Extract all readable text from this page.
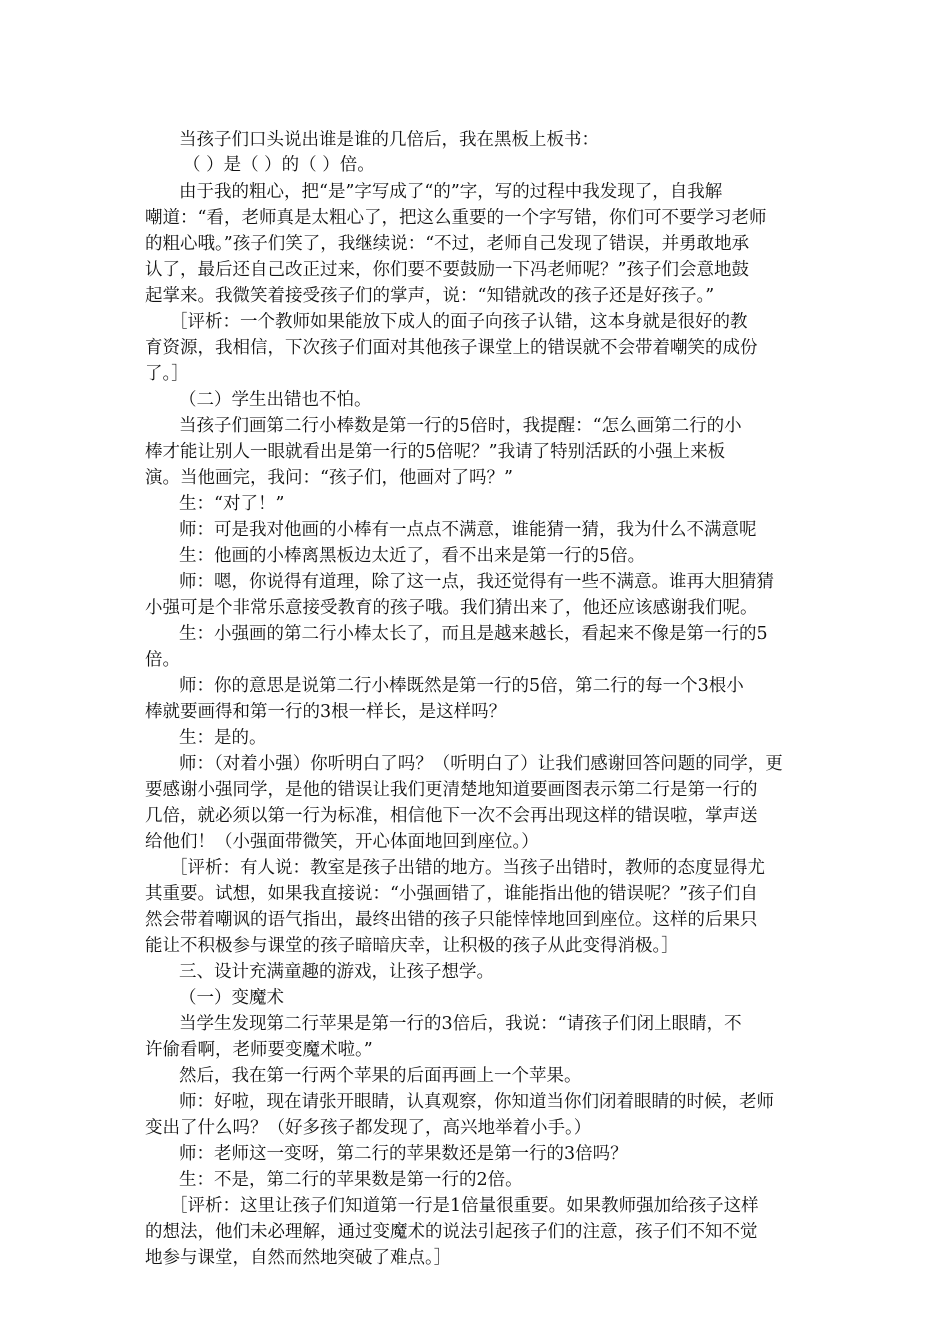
当孩子们口头说出谁是谁的几倍后，我在黑板上板书：
（ ）是（ ）的（ ）倍。
由于我的粗心，把“是”字写成了“的”字，写的过程中我发现了，自我解
嘲道：“看，老师真是太粗心了，把这么重要的一个字写错，你们可不要学习老师
的粗心哦。”孩子们笑了，我继续说：“不过，老师自己发现了错误，并勇敢地承
认了，最后还自己改正过来，你们要不要鼓励一下冯老师呢？”孩子们会意地鼓
起掌来。我微笑着接受孩子们的掌声，说：“知错就改的孩子还是好孩子。”
［评析：一个教师如果能放下成人的面子向孩子认错，这本身就是很好的教
育资源，我相信，下次孩子们面对其他孩子课堂上的错误就不会带着嘲笑的成份
了。］
（二）学生出错也不怕。
当孩子们画第二行小棒数是第一行的5倍时，我提醒：“怎么画第二行的小
棒才能让别人一眼就看出是第一行的5倍呢？”我请了特别活跃的小强上来板
演。当他画完，我问：“孩子们，他画对了吗？”
生：“对了！”
师：可是我对他画的小棒有一点点不满意，谁能猜一猜，我为什么不满意呢
生：他画的小棒离黑板边太近了，看不出来是第一行的5倍。
师：嗯，你说得有道理，除了这一点，我还觉得有一些不满意。谁再大胆猜猜
小强可是个非常乐意接受教育的孩子哦。我们猜出来了，他还应该感谢我们呢。
生：小强画的第二行小棒太长了，而且是越来越长，看起来不像是第一行的5
倍。
师：你的意思是说第二行小棒既然是第一行的5倍，第二行的每一个3根小
棒就要画得和第一行的3根一样长，是这样吗？
生：是的。
师：（对着小强）你听明白了吗？（听明白了）让我们感谢回答问题的同学，更
要感谢小强同学，是他的错误让我们更清楚地知道要画图表示第二行是第一行的
几倍，就必须以第一行为标准，相信他下一次不会再出现这样的错误啦，掌声送
给他们！（小强面带微笑，开心体面地回到座位。）
［评析：有人说：教室是孩子出错的地方。当孩子出错时，教师的态度显得尤
其重要。试想，如果我直接说：“小强画错了，谁能指出他的错误呢？”孩子们自
然会带着嘲讽的语气指出，最终出错的孩子只能悻悻地回到座位。这样的后果只
能让不积极参与课堂的孩子暗暗庆幸，让积极的孩子从此变得消极。］
三、设计充满童趣的游戏，让孩子想学。
（一）变魔术
当学生发现第二行苹果是第一行的3倍后，我说：“请孩子们闭上眼睛，不
许偷看啊，老师要变魔术啦。”
然后，我在第一行两个苹果的后面再画上一个苹果。
师：好啦，现在请张开眼睛，认真观察，你知道当你们闭着眼睛的时候，老师
变出了什么吗？（好多孩子都发现了，高兴地举着小手。）
师：老师这一变呀，第二行的苹果数还是第一行的3倍吗？
生：不是，第二行的苹果数是第一行的2倍。
［评析：这里让孩子们知道第一行是1倍量很重要。如果教师强加给孩子这样
的想法，他们未必理解，通过变魔术的说法引起孩子们的注意，孩子们不知不觉
地参与课堂，自然而然地突破了难点。］
